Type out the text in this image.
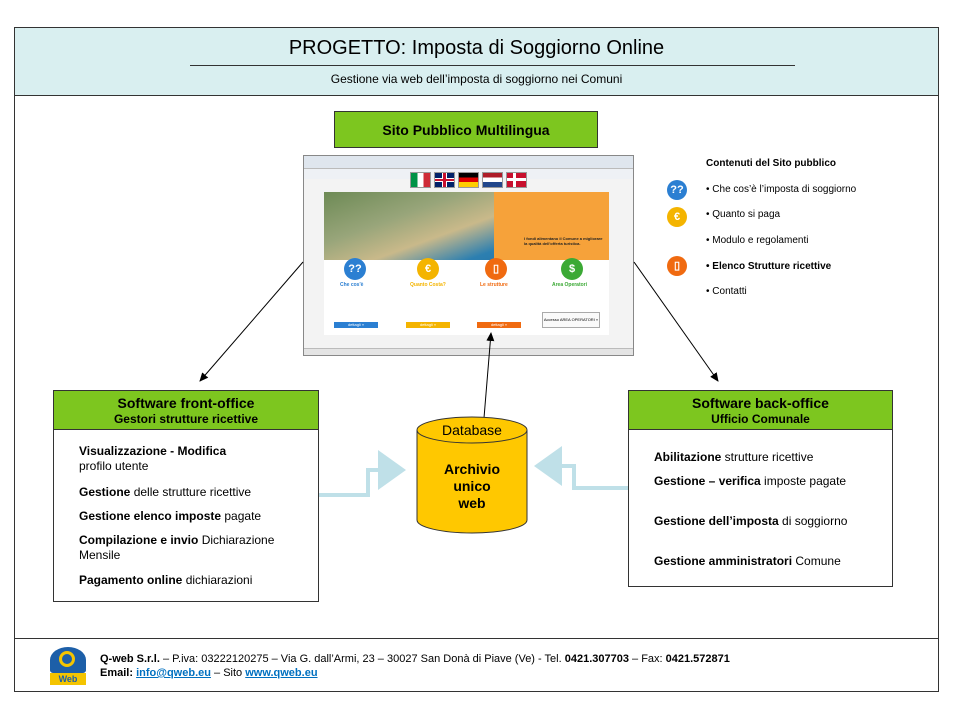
PROGETTO: Imposta di Soggiorno Online
Gestione via web dell’imposta di soggiorno nei Comuni
Sito Pubblico Multilingua
I fondi alimentano il Comune a migliorare la qualità dell'offerta turistica.
??	€	▯	$
Che cos'è	Quanto Costa?	Le strutture	Area Operatori
dettagli »	dettagli »	dettagli »
Accesso AREA OPERATORI »
Contenuti del Sito pubblico
• Che cos’è l’imposta di soggiorno
• Quanto si paga
• Modulo e regolamenti
• Elenco Strutture ricettive
• Contatti
??
€
▯
Database
Archivio
unico
web
Software front-office
Gestori strutture ricettive
Visualizzazione - Modifica
profilo utente
Gestione delle strutture ricettive
Gestione elenco imposte pagate
Compilazione e invio Dichiarazione Mensile
Pagamento online dichiarazioni
Software back-office
Ufficio Comunale
Abilitazione strutture ricettive
Gestione – verifica imposte pagate
Gestione dell’imposta di soggiorno
Gestione amministratori Comune
Web
Q-web S.r.l. – P.iva: 03222120275 – Via G. dall’Armi, 23 – 30027 San Donà di Piave (Ve) - Tel. 0421.307703 – Fax: 0421.572871
Email: info@qweb.eu – Sito www.qweb.eu
